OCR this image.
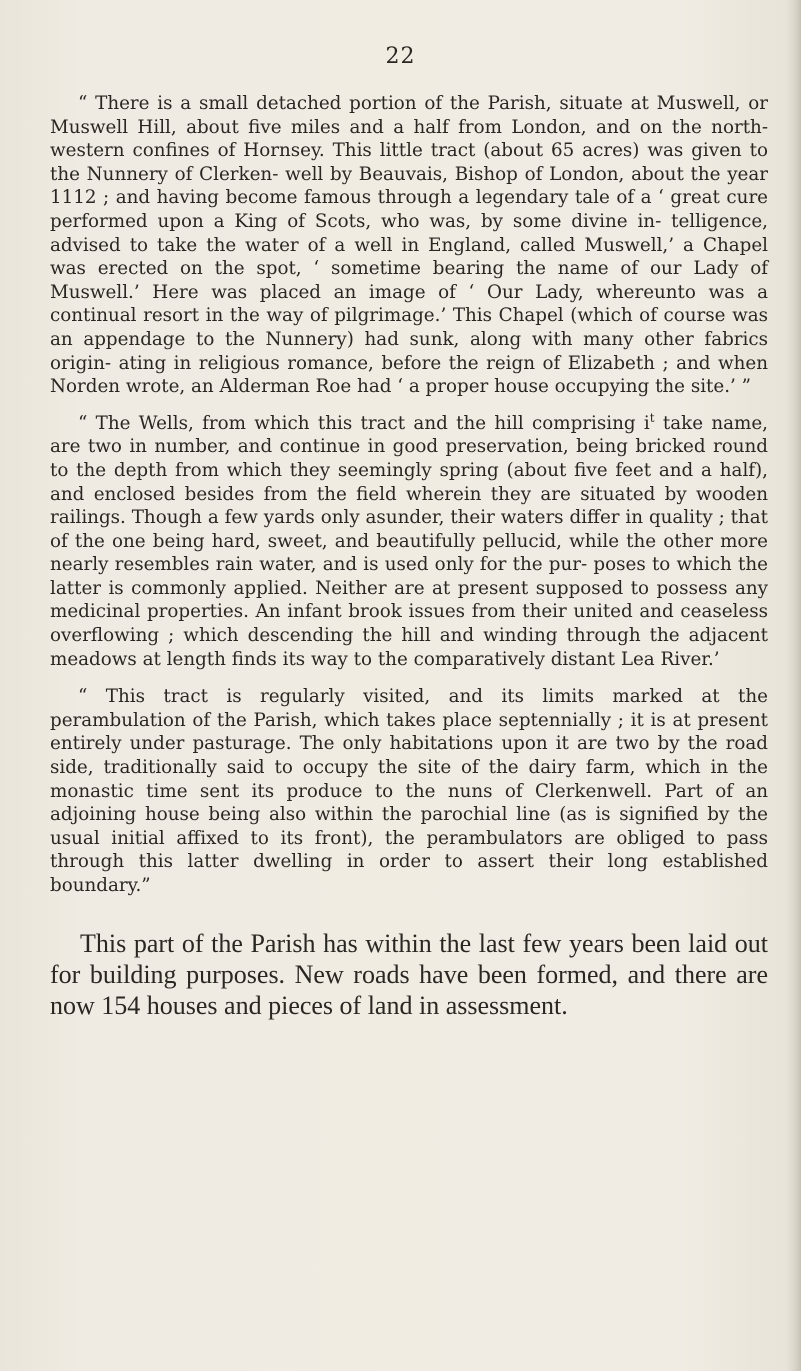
22

“ There is a small detached portion of the Parish, situate at Muswell, or Muswell Hill, about five miles and a half from London, and on the north-western confines of Hornsey. This little tract (about 65 acres) was given to the Nunnery of Clerken- well by Beauvais, Bishop of London, about the year 1112 ; and having become famous through a legendary tale of a ‘ great cure performed upon a King of Scots, who was, by some divine in- telligence, advised to take the water of a well in England, called Muswell,’ a Chapel was erected on the spot, ‘ sometime bearing the name of our Lady of Muswell.’ Here was placed an image of ‘ Our Lady, whereunto was a continual resort in the way of pilgrimage.’ This Chapel (which of course was an appendage to the Nunnery) had sunk, along with many other fabrics origin- ating in religious romance, before the reign of Elizabeth ; and when Norden wrote, an Alderman Roe had ‘ a proper house occupying the site.’ ”

“ The Wells, from which this tract and the hill comprising $i^t$ take name, are two in number, and continue in good preservation, being bricked round to the depth from which they seemingly spring (about five feet and a half), and enclosed besides from the field wherein they are situated by wooden railings. Though a few yards only asunder, their waters differ in quality ; that of the one being hard, sweet, and beautifully pellucid, while the other more nearly resembles rain water, and is used only for the pur- poses to which the latter is commonly applied. Neither are at present supposed to possess any medicinal properties. An infant brook issues from their united and ceaseless overflowing ; which descending the hill and winding through the adjacent meadows at length finds its way to the comparatively distant Lea River.’

“ This tract is regularly visited, and its limits marked at the perambulation of the Parish, which takes place septennially ; it is at present entirely under pasturage. The only habitations upon it are two by the road side, traditionally said to occupy the site of the dairy farm, which in the monastic time sent its produce to the nuns of Clerkenwell. Part of an adjoining house being also within the parochial line (as is signified by the usual initial affixed to its front), the perambulators are obliged to pass through this latter dwelling in order to assert their long established boundary.”

This part of the Parish has within the last few years been laid out for building purposes. New roads have been formed, and there are now 154 houses and pieces of land in assessment.
